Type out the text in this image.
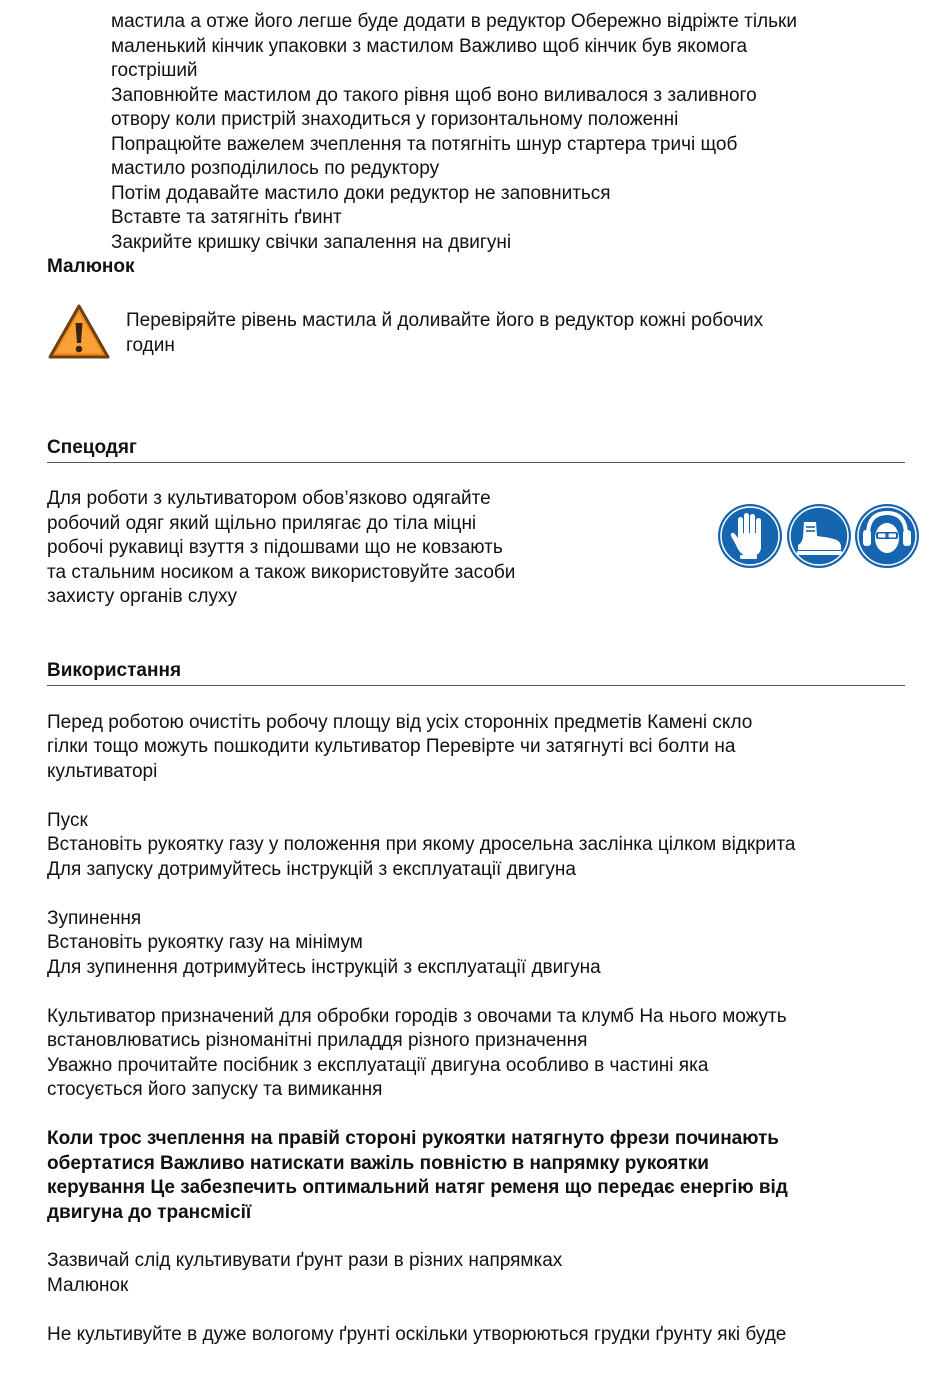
мастила а отже його легше буде додати в редуктор Обережно відріжте тільки
маленький кінчик упаковки з мастилом Важливо щоб кінчик був якомога
гостріший
Заповнюйте мастилом до такого рівня щоб воно виливалося з заливного
отвору коли пристрій знаходиться у горизонтальному положенні
Попрацюйте важелем зчеплення та потягніть шнур стартера тричі щоб
мастило розподілилось по редуктору
Потім додавайте мастило доки редуктор не заповниться
Вставте та затягніть ґвинт
Закрийте кришку свічки запалення на двигуні
Малюнок
Перевіряйте рівень мастила й доливайте його в редуктор кожні робочих
годин
Спецодяг
Для роботи з культиватором обов’язково одягайте
робочий одяг який щільно прилягає до тіла міцні
робочі рукавиці взуття з підошвами що не ковзають
та стальним носиком а також використовуйте засоби
захисту органів слуху
Використання
Перед роботою очистіть робочу площу від усіх сторонніх предметів Камені скло
гілки тощо можуть пошкодити культиватор Перевірте чи затягнуті всі болти на
культиваторі
Пуск
Встановіть рукоятку газу у положення при якому дросельна заслінка цілком відкрита
Для запуску дотримуйтесь інструкцій з експлуатації двигуна
Зупинення
Встановіть рукоятку газу на мінімум
Для зупинення дотримуйтесь інструкцій з експлуатації двигуна
Культиватор призначений для обробки городів з овочами та клумб На нього можуть
встановлюватись різноманітні приладдя різного призначення
Уважно прочитайте посібник з експлуатації двигуна особливо в частині яка
стосується його запуску та вимикання
Коли трос зчеплення на правій стороні рукоятки натягнуто фрези починають
обертатися Важливо натискати важіль повністю в напрямку рукоятки
керування Це забезпечить оптимальний натяг ременя що передає енергію від
двигуна до трансмісії
Зазвичай слід культивувати ґрунт рази в різних напрямках
Малюнок
Не культивуйте в дуже вологому ґрунті оскільки утворюються грудки ґрунту які буде
